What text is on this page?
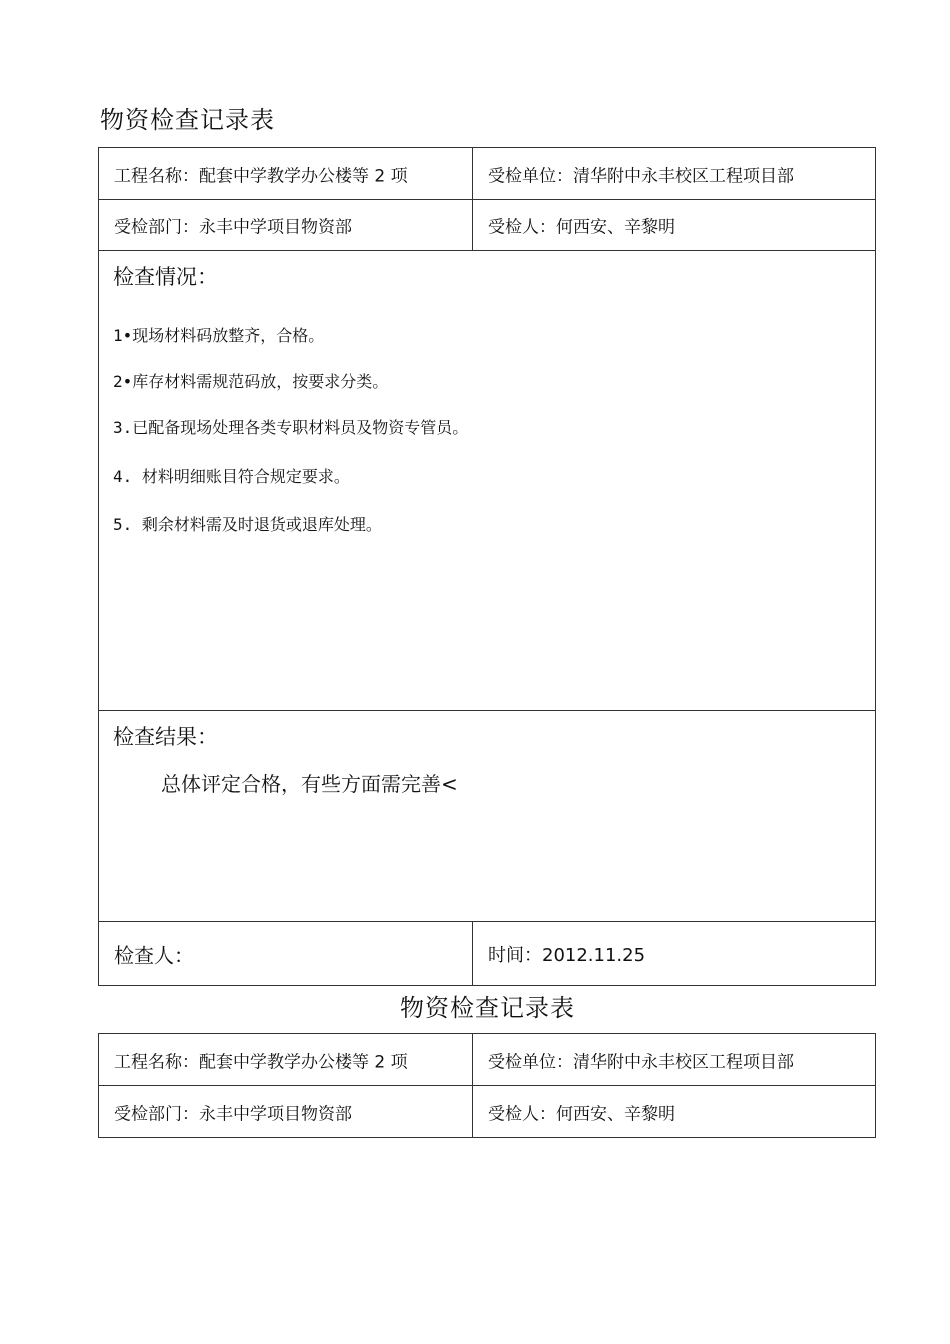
物资检查记录表
工程名称：配套中学教学办公楼等 2 项	受检单位：清华附中永丰校区工程项目部
受检部门：永丰中学项目物资部	受检人：何西安、辛黎明
检查情况：
1•现场材料码放整齐，合格。
2•库存材料需规范码放，按要求分类。
3.已配备现场处理各类专职材料员及物资专管员。
4. 材料明细账目符合规定要求。
5. 剩余材料需及时退货或退库处理。
检查结果：
总体评定合格，有些方面需完善<
检查人：	时间：2012.11.25
物资检查记录表
工程名称：配套中学教学办公楼等 2 项	受检单位：清华附中永丰校区工程项目部
受检部门：永丰中学项目物资部	受检人：何西安、辛黎明
